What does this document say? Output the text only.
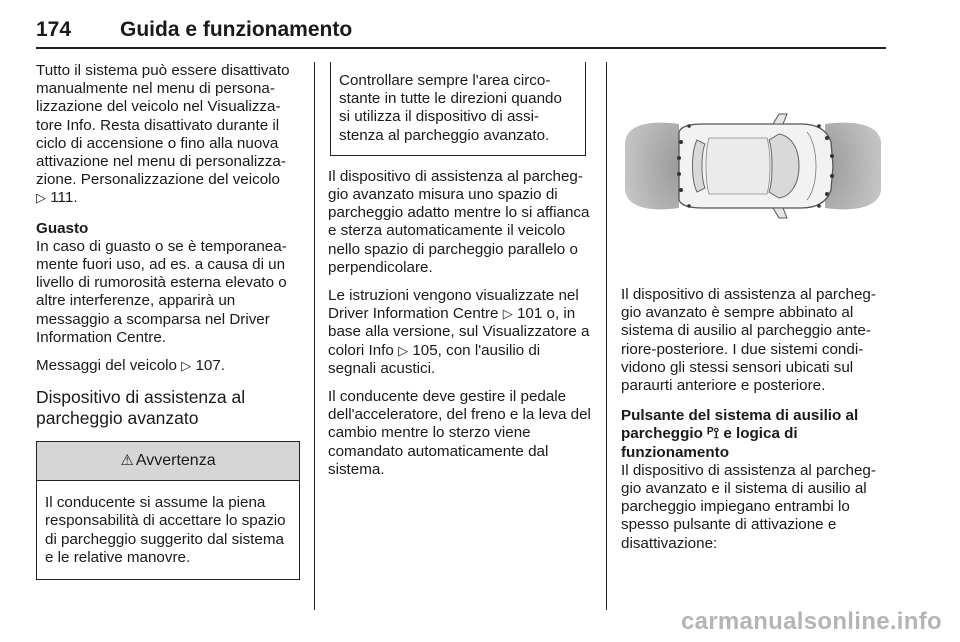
174 Guida e funzionamento

Tutto il sistema può essere disattivato manualmente nel menu di personalizzazione del veicolo nel Visualizzatore Info. Resta disattivato durante il ciclo di accensione o fino alla nuova attivazione nel menu di personalizzazione. Personalizzazione del veicolo
▷ 111.

Guasto

In caso di guasto o se è temporaneamente fuori uso, ad es. a causa di un livello di rumorosità esterna elevato o altre interferenze, apparirà un messaggio a scomparsa nel Driver Information Centre.

Messaggi del veicolo ▷ 107.

Dispositivo di assistenza al parcheggio avanzato

⚠ Avvertenza
Il conducente si assume la piena responsabilità di accettare lo spazio di parcheggio suggerito dal sistema e le relative manovre.
Controllare sempre l'area circostante in tutte le direzioni quando si utilizza il dispositivo di assistenza al parcheggio avanzato.

Il dispositivo di assistenza al parcheggio avanzato misura uno spazio di parcheggio adatto mentre lo si affianca e sterza automaticamente il veicolo nello spazio di parcheggio parallelo o perpendicolare.

Le istruzioni vengono visualizzate nel Driver Information Centre ▷ 101 o, in base alla versione, sul Visualizzatore a colori Info ▷ 105, con l'ausilio di segnali acustici.

Il conducente deve gestire il pedale dell'acceleratore, del freno e la leva del cambio mentre lo sterzo viene comandato automaticamente dal sistema.

Il dispositivo di assistenza al parcheggio avanzato è sempre abbinato al sistema di ausilio al parcheggio anteriore-posteriore. I due sistemi condividono gli stessi sensori ubicati sul paraurti anteriore e posteriore.

Pulsante del sistema di ausilio al parcheggio ᴾ⟟ e logica di funzionamento

Il dispositivo di assistenza al parcheggio avanzato e il sistema di ausilio al parcheggio impiegano entrambi lo spesso pulsante di attivazione e disattivazione:

carmanualsonline.info
